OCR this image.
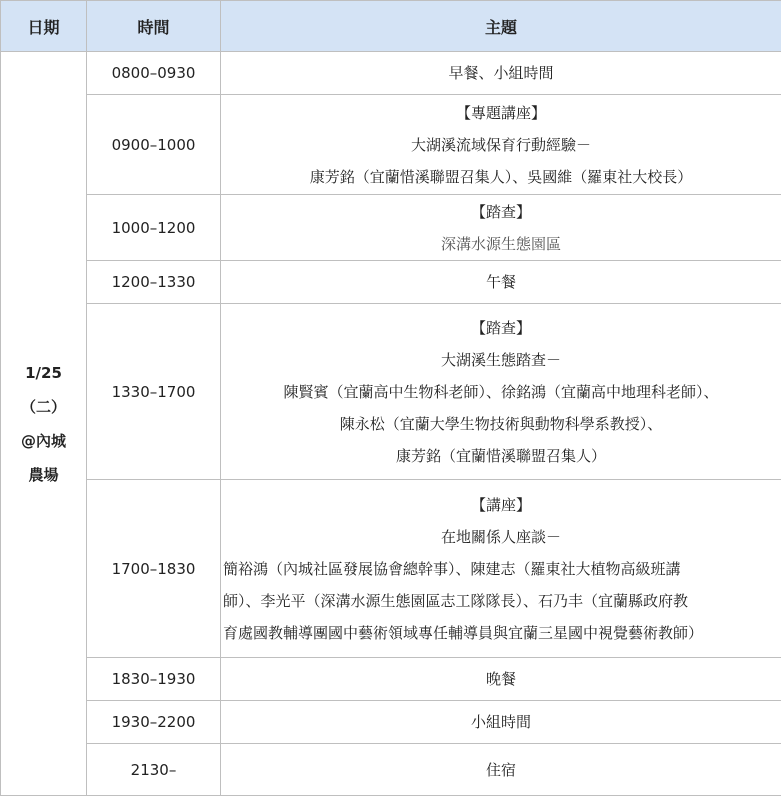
日期	時間	主題

1/25
（二）
@內城
農場	0800–0930	早餐、小組時間

	0900–1000	【專題講座】
大湖溪流域保育行動經驗－
康芳銘（宜蘭惜溪聯盟召集人）、吳國維（羅東社大校長）

	1000–1200	【踏查】
深溝水源生態園區

	1200–1330	午餐

	1330–1700	【踏查】
大湖溪生態踏查－
陳賢賓（宜蘭高中生物科老師）、徐銘鴻（宜蘭高中地理科老師）、
陳永松（宜蘭大學生物技術與動物科學系教授）、
康芳銘（宜蘭惜溪聯盟召集人）

	1700–1830	【講座】
在地關係人座談－
簡裕鴻（內城社區發展協會總幹事）、陳建志（羅東社大植物高級班講
師）、李光平（深溝水源生態園區志工隊隊長）、石乃丰（宜蘭縣政府教
育處國教輔導團國中藝術領域專任輔導員與宜蘭三星國中視覺藝術教師）

	1830–1930	晚餐

	1930–2200	小組時間

	2130–	住宿
